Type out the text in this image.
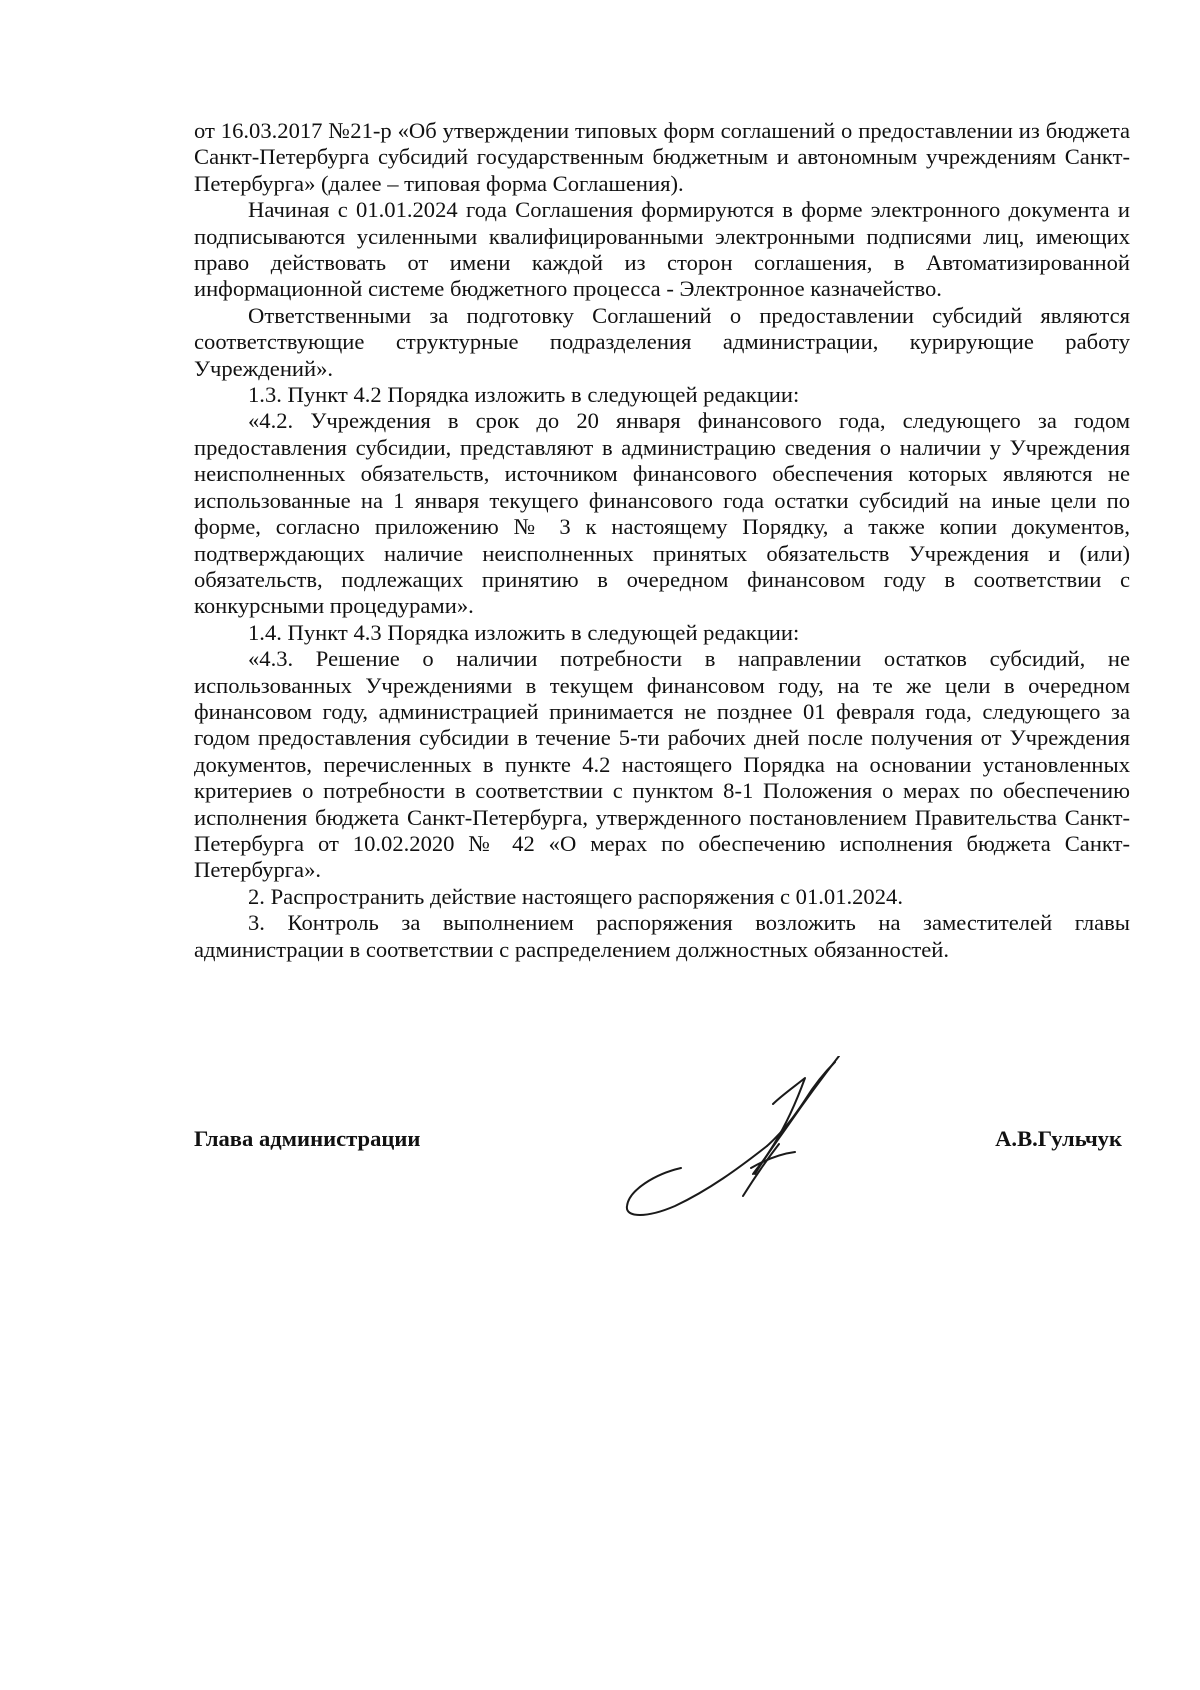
от 16.03.2017 №21-р «Об утверждении типовых форм соглашений о предоставлении из бюджета Санкт-Петербурга субсидий государственным бюджетным и автономным учреждениям Санкт-Петербурга» (далее – типовая форма Соглашения).

Начиная с 01.01.2024 года Соглашения формируются в форме электронного документа и подписываются усиленными квалифицированными электронными подписями лиц, имеющих право действовать от имени каждой из сторон соглашения, в Автоматизированной информационной системе бюджетного процесса - Электронное казначейство.

Ответственными за подготовку Соглашений о предоставлении субсидий являются соответствующие структурные подразделения администрации, курирующие работу Учреждений».

1.3. Пункт 4.2 Порядка изложить в следующей редакции:

«4.2. Учреждения в срок до 20 января финансового года, следующего за годом предоставления субсидии, представляют в администрацию сведения о наличии у Учреждения неисполненных обязательств, источником финансового обеспечения которых являются не использованные на 1 января текущего финансового года остатки субсидий на иные цели по форме, согласно приложению № 3 к настоящему Порядку, а также копии документов, подтверждающих наличие неисполненных принятых обязательств Учреждения и (или) обязательств, подлежащих принятию в очередном финансовом году в соответствии с конкурсными процедурами».

1.4. Пункт 4.3 Порядка изложить в следующей редакции:

«4.3. Решение о наличии потребности в направлении остатков субсидий, не использованных Учреждениями в текущем финансовом году, на те же цели в очередном финансовом году, администрацией принимается не позднее 01 февраля года, следующего за годом предоставления субсидии в течение 5-ти рабочих дней после получения от Учреждения документов, перечисленных в пункте 4.2 настоящего Порядка на основании установленных критериев о потребности в соответствии с пунктом 8-1 Положения о мерах по обеспечению исполнения бюджета Санкт-Петербурга, утвержденного постановлением Правительства Санкт-Петербурга от 10.02.2020 № 42 «О мерах по обеспечению исполнения бюджета Санкт-Петербурга».

2. Распространить действие настоящего распоряжения с 01.01.2024.

3. Контроль за выполнением распоряжения возложить на заместителей главы администрации в соответствии с распределением должностных обязанностей.

Глава администрации	А.В.Гульчук
